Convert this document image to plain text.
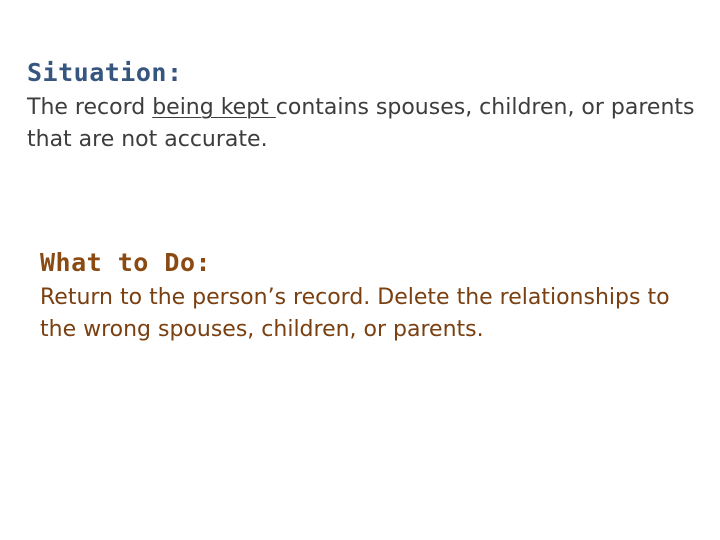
Situation:

The record being kept contains spouses, children, or parents that are not accurate.

What to Do:

Return to the person’s record. Delete the relationships to the wrong spouses, children, or parents.
